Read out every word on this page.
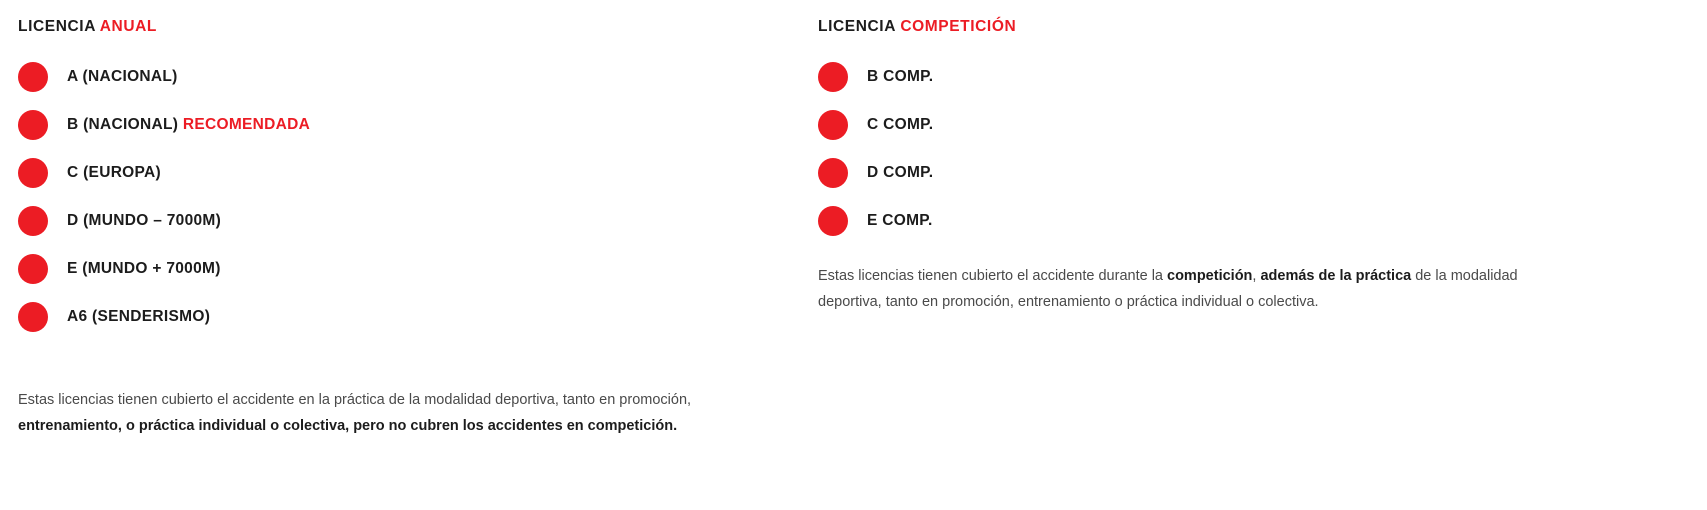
LICENCIA ANUAL
A (NACIONAL)
B (NACIONAL) RECOMENDADA
C (EUROPA)
D (MUNDO – 7000M)
E (MUNDO + 7000M)
A6 (SENDERISMO)

Estas licencias tienen cubierto el accidente en la práctica de la modalidad deportiva, tanto en promoción, entrenamiento, o práctica individual o colectiva, pero no cubren los accidentes en competición.

LICENCIA COMPETICIÓN
B COMP.
C COMP.
D COMP.
E COMP.

Estas licencias tienen cubierto el accidente durante la competición, además de la práctica de la modalidad deportiva, tanto en promoción, entrenamiento o práctica individual o colectiva.
